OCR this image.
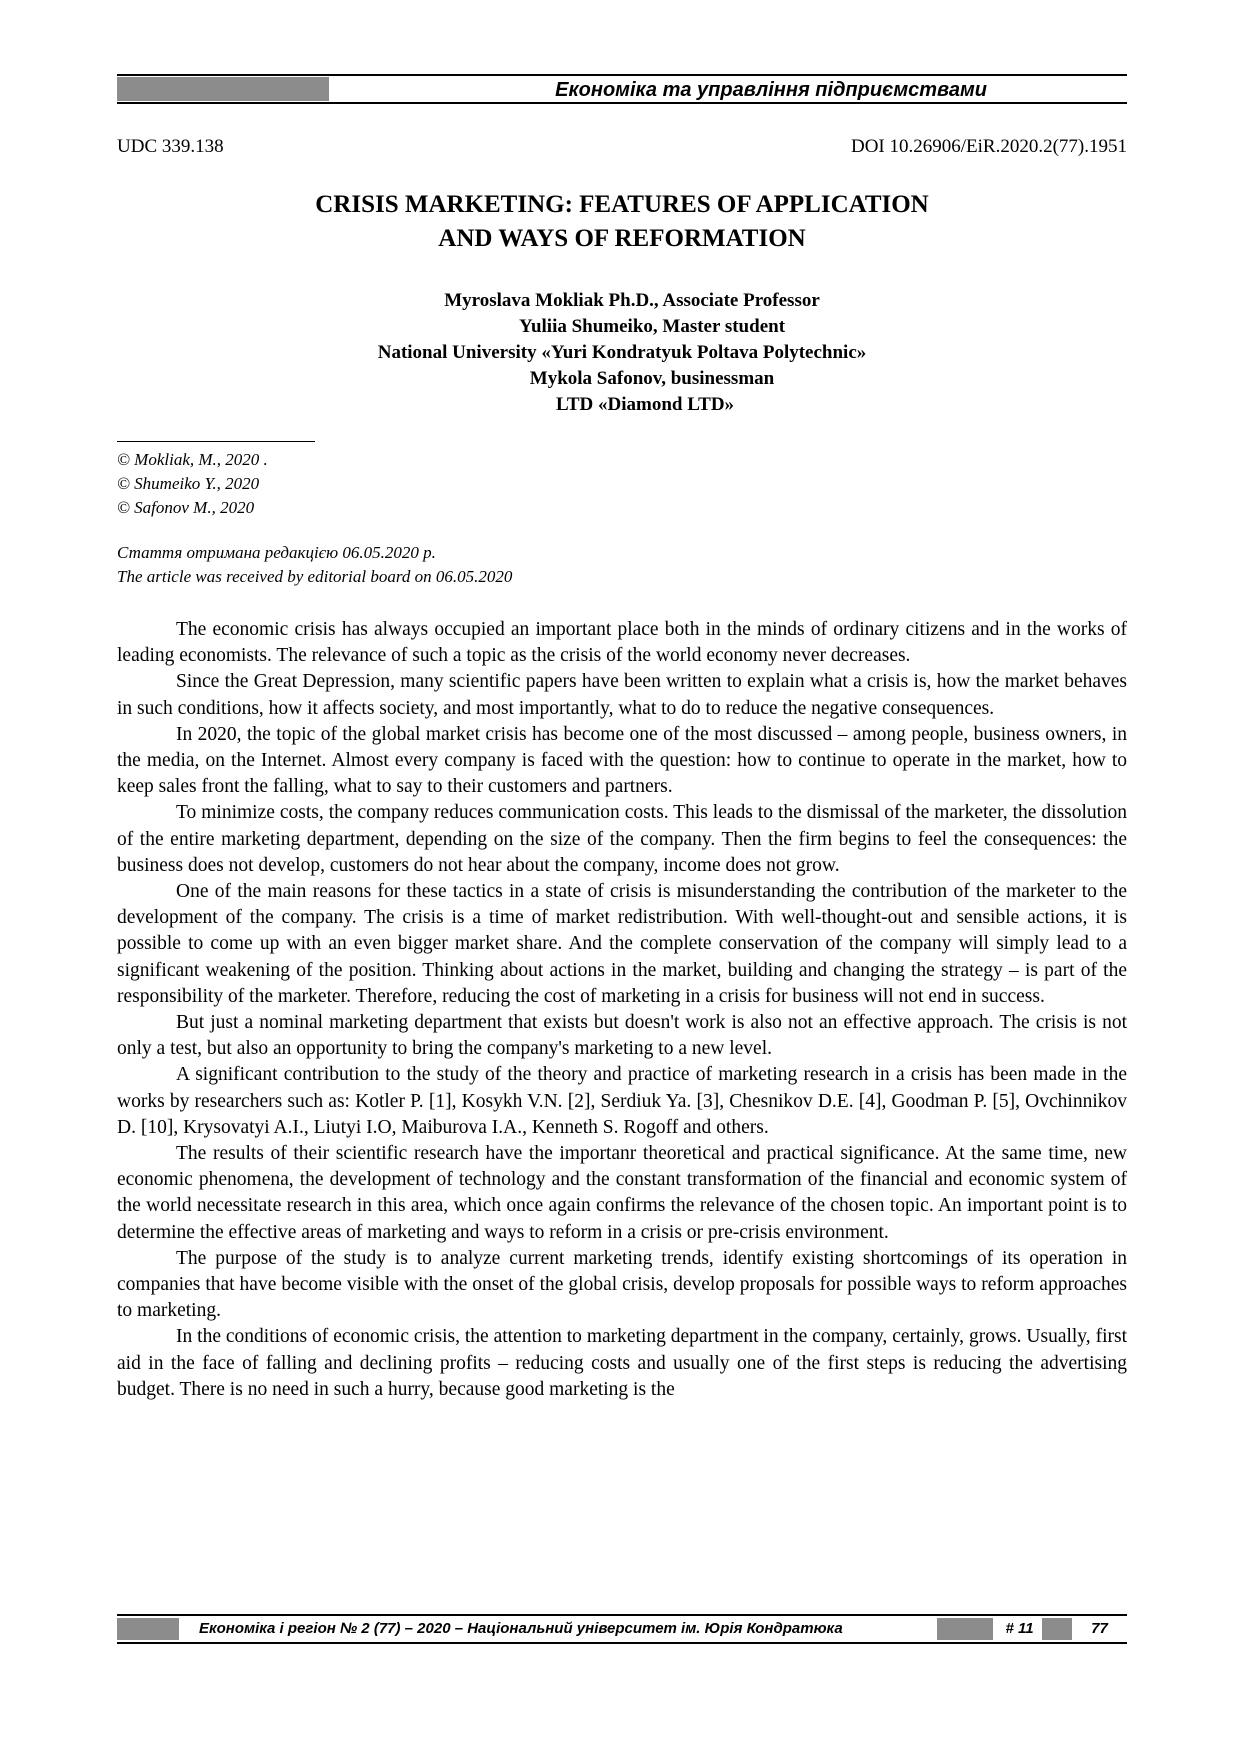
Економіка та управління підприємствами
UDC 339.138	DOI 10.26906/EiR.2020.2(77).1951
CRISIS MARKETING: FEATURES OF APPLICATION
AND WAYS OF REFORMATION
Myroslava Mokliak Ph.D., Associate Professor
Yuliia Shumeiko, Master student
National University «Yuri Kondratyuk Poltava Polytechnic»
Mykola Safonov, businessman
LTD «Diamond LTD»
© Mokliak, M., 2020 .
© Shumeiko Y., 2020
© Safonov M., 2020
Стаття отримана редакцією 06.05.2020 р.
The article was received by editorial board on 06.05.2020

The economic crisis has always occupied an important place both in the minds of ordinary citizens and in the works of leading economists. The relevance of such a topic as the crisis of the world economy never decreases.

Since the Great Depression, many scientific papers have been written to explain what a crisis is, how the market behaves in such conditions, how it affects society, and most importantly, what to do to reduce the negative consequences.

In 2020, the topic of the global market crisis has become one of the most discussed – among people, business owners, in the media, on the Internet. Almost every company is faced with the question: how to continue to operate in the market, how to keep sales front the falling, what to say to their customers and partners.

To minimize costs, the company reduces communication costs. This leads to the dismissal of the marketer, the dissolution of the entire marketing department, depending on the size of the company. Then the firm begins to feel the consequences: the business does not develop, customers do not hear about the company, income does not grow.

One of the main reasons for these tactics in a state of crisis is misunderstanding the contribution of the marketer to the development of the company. The crisis is a time of market redistribution. With well-thought-out and sensible actions, it is possible to come up with an even bigger market share. And the complete conservation of the company will simply lead to a significant weakening of the position. Thinking about actions in the market, building and changing the strategy – is part of the responsibility of the marketer. Therefore, reducing the cost of marketing in a crisis for business will not end in success.

But just a nominal marketing department that exists but doesn't work is also not an effective approach. The crisis is not only a test, but also an opportunity to bring the company's marketing to a new level.

A significant contribution to the study of the theory and practice of marketing research in a crisis has been made in the works by researchers such as: Kotler P. [1], Kosykh V.N. [2], Serdiuk Ya. [3], Chesnikov D.E. [4], Goodman P. [5], Ovchinnikov D. [10], Krysovatyi A.I., Liutyi I.O, Maiburova I.A., Kenneth S. Rogoff and others.

The results of their scientific research have the importanr theoretical and practical significance. At the same time, new economic phenomena, the development of technology and the constant transformation of the financial and economic system of the world necessitate research in this area, which once again confirms the relevance of the chosen topic. An important point is to determine the effective areas of marketing and ways to reform in a crisis or pre-crisis environment.

The purpose of the study is to analyze current marketing trends, identify existing shortcomings of its operation in companies that have become visible with the onset of the global crisis, develop proposals for possible ways to reform approaches to marketing.

In the conditions of economic crisis, the attention to marketing department in the company, certainly, grows. Usually, first aid in the face of falling and declining profits – reducing costs and usually one of the first steps is reducing the advertising budget. There is no need in such a hurry, because good marketing is the

Економіка і регіон № 2 (77) – 2020 – Національний університет ім. Юрія Кондратюка	# 11	77
